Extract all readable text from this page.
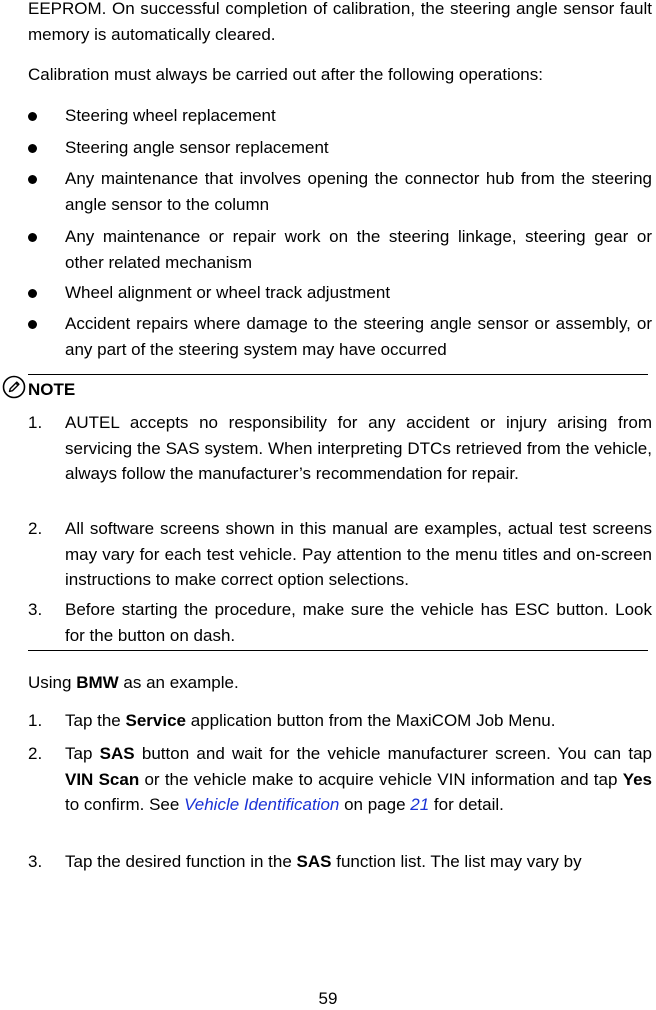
EEPROM. On successful completion of calibration, the steering angle sensor fault memory is automatically cleared.
Calibration must always be carried out after the following operations:
Steering wheel replacement
Steering angle sensor replacement
Any maintenance that involves opening the connector hub from the steering angle sensor to the column
Any maintenance or repair work on the steering linkage, steering gear or other related mechanism
Wheel alignment or wheel track adjustment
Accident repairs where damage to the steering angle sensor or assembly, or any part of the steering system may have occurred
NOTE
1. AUTEL accepts no responsibility for any accident or injury arising from servicing the SAS system. When interpreting DTCs retrieved from the vehicle, always follow the manufacturer’s recommendation for repair.
2. All software screens shown in this manual are examples, actual test screens may vary for each test vehicle. Pay attention to the menu titles and on-screen instructions to make correct option selections.
3. Before starting the procedure, make sure the vehicle has ESC button. Look for the button on dash.
Using BMW as an example.
1. Tap the Service application button from the MaxiCOM Job Menu.
2. Tap SAS button and wait for the vehicle manufacturer screen. You can tap VIN Scan or the vehicle make to acquire vehicle VIN information and tap Yes to confirm. See Vehicle Identification on page 21 for detail.
3. Tap the desired function in the SAS function list. The list may vary by
59
